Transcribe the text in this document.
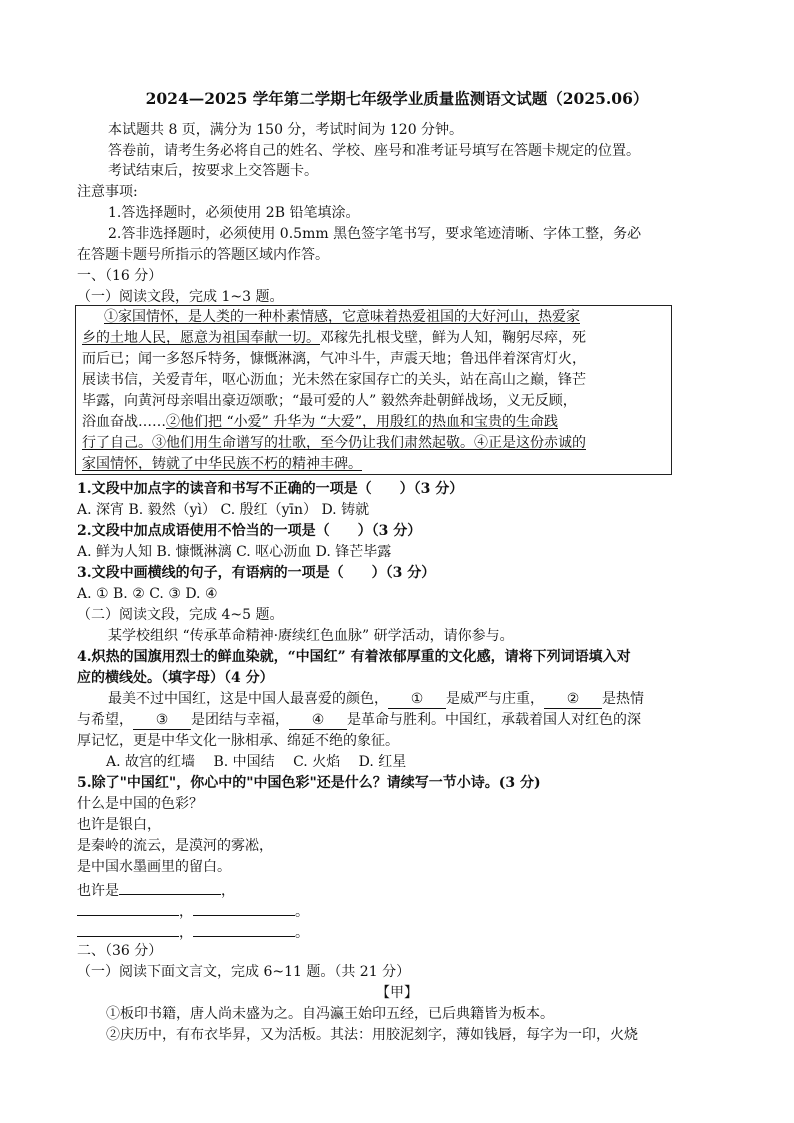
2024—2025 学年第二学期七年级学业质量监测语文试题（2025.06）
本试题共 8 页，满分为 150 分，考试时间为 120 分钟。
答卷前，请考生务必将自己的姓名、学校、座号和准考证号填写在答题卡规定的位置。
考试结束后，按要求上交答题卡。
注意事项:
1.答选择题时，必须使用 2B 铅笔填涂。
2.答非选择题时，必须使用 0.5mm 黑色签字笔书写，要求笔迹清晰、字体工整，务必
在答题卡题号所指示的答题区域内作答。
一、（16 分）
（一）阅读文段，完成 1~3 题。
①家国情怀，是人类的一种朴素情感，它意味着热爱祖国的大好河山，热爱家
乡的土地人民，愿意为祖国奉献一切。邓稼先扎根戈壁，鲜为人知，鞠躬尽瘁，死
而后已；闻一多怒斥特务，慷慨淋漓，气冲斗牛，声震天地；鲁迅伴着深宵灯火，
展读书信，关爱青年，呕心沥血；光未然在家国存亡的关头，站在高山之巅，锋芒
毕露，向黄河母亲唱出豪迈颂歌；“最可爱的人” 毅然奔赴朝鲜战场，义无反顾，
浴血奋战……②他们把 “小爱” 升华为 “大爱”，用殷红的热血和宝贵的生命践
行了自己。③他们用生命谱写的壮歌，至今仍让我们肃然起敬。④正是这份赤诚的
家国情怀，铸就了中华民族不朽的精神丰碑。
1.文段中加点字的读音和书写不正确的一项是（　　）（3 分）
A. 深宵 B. 毅然（yì） C. 殷红（yīn） D. 铸就
2.文段中加点成语使用不恰当的一项是（　　）（3 分）
A. 鲜为人知 B. 慷慨淋漓 C. 呕心沥血 D. 锋芒毕露
3.文段中画横线的句子，有语病的一项是（　　）（3 分）
A. ① B. ② C. ③ D. ④
（二）阅读文段，完成 4~5 题。
某学校组织 “传承革命精神·赓续红色血脉” 研学活动，请你参与。
4.炽热的国旗用烈士的鲜血染就，“中国红” 有着浓郁厚重的文化感，请将下列词语填入对
应的横线处。（填字母）（4 分）
最美不过中国红，这是中国人最喜爱的颜色， ① 是威严与庄重， ② 是热情
与希望， ③ 是团结与幸福， ④ 是革命与胜利。中国红，承载着国人对红色的深
厚记忆，更是中华文化一脉相承、绵延不绝的象征。
A. 故宫的红墙　 B. 中国结　 C. 火焰　 D. 红星
5.除了"中国红"，你心中的"中国色彩"还是什么？请续写一节小诗。(3 分)
什么是中国的色彩？
也许是银白，
是秦岭的流云，是漠河的雾凇，
是中国水墨画里的留白。
也许是	，
，	。
，	。
二、（36 分）
（一）阅读下面文言文，完成 6~11 题。（共 21 分）
【甲】
①板印书籍，唐人尚未盛为之。自冯瀛王始印五经，已后典籍皆为板本。
②庆历中，有布衣毕昇，又为活板。其法：用胶泥刻字，薄如钱唇，每字为一印，火烧
